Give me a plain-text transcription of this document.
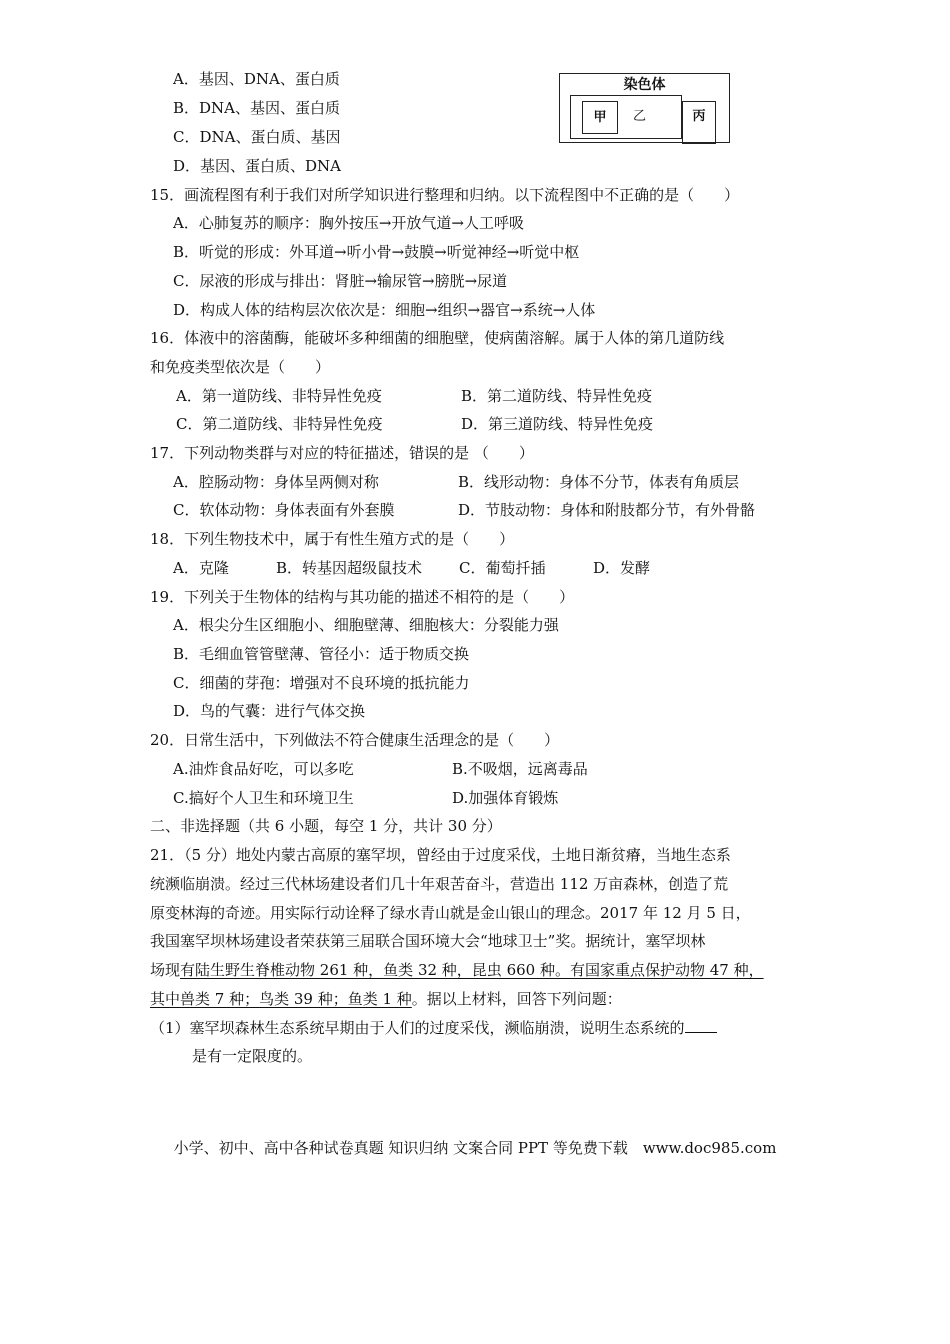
A．基因、DNA、蛋白质
B．DNA、基因、蛋白质
C．DNA、蛋白质、基因
D．基因、蛋白质、DNA
染色体
甲	乙	丙
15．画流程图有利于我们对所学知识进行整理和归纳。以下流程图中不正确的是（　　）
A．心肺复苏的顺序：胸外按压→开放气道→人工呼吸
B．听觉的形成：外耳道→听小骨→鼓膜→听觉神经→听觉中枢
C．尿液的形成与排出：肾脏→输尿管→膀胱→尿道
D．构成人体的结构层次依次是：细胞→组织→器官→系统→人体
16．体液中的溶菌酶，能破坏多种细菌的细胞壁，使病菌溶解。属于人体的第几道防线
和免疫类型依次是（　　）
A．第一道防线、非特异性免疫	B．第二道防线、特异性免疫
C．第二道防线、非特异性免疫	D．第三道防线、特异性免疫
17．下列动物类群与对应的特征描述，错误的是 （　　）
A．腔肠动物：身体呈两侧对称	B．线形动物：身体不分节，体表有角质层
C．软体动物：身体表面有外套膜	D．节肢动物：身体和附肢都分节，有外骨骼
18．下列生物技术中，属于有性生殖方式的是（　　）
A．克隆	B．转基因超级鼠技术 C．葡萄扦插	D．发酵
19．下列关于生物体的结构与其功能的描述不相符的是（　　）
A．根尖分生区细胞小、细胞壁薄、细胞核大：分裂能力强
B．毛细血管管壁薄、管径小：适于物质交换
C．细菌的芽孢：增强对不良环境的抵抗能力
D．鸟的气囊：进行气体交换
20．日常生活中，下列做法不符合健康生活理念的是（　　）
A.油炸食品好吃，可以多吃	B.不吸烟，远离毒品
C.搞好个人卫生和环境卫生	D.加强体育锻炼
二、非选择题（共 6 小题，每空 1 分，共计 30 分）
21．（5 分）地处内蒙古高原的塞罕坝，曾经由于过度采伐，土地日渐贫瘠，当地生态系
统濒临崩溃。经过三代林场建设者们几十年艰苦奋斗，营造出 112 万亩森林，创造了荒
原变林海的奇迹。用实际行动诠释了绿水青山就是金山银山的理念。2017 年 12 月 5 日，
我国塞罕坝林场建设者荣获第三届联合国环境大会“地球卫士”奖。据统计，塞罕坝林
场现有陆生野生脊椎动物 261 种，鱼类 32 种，昆虫 660 种。有国家重点保护动物 47 种，
其中兽类 7 种；鸟类 39 种；鱼类 1 种。据以上材料，回答下列问题：
（1）塞罕坝森林生态系统早期由于人们的过度采伐，濒临崩溃，说明生态系统的
是有一定限度的。
小学、初中、高中各种试卷真题 知识归纳 文案合同 PPT 等免费下载　www.doc985.com
